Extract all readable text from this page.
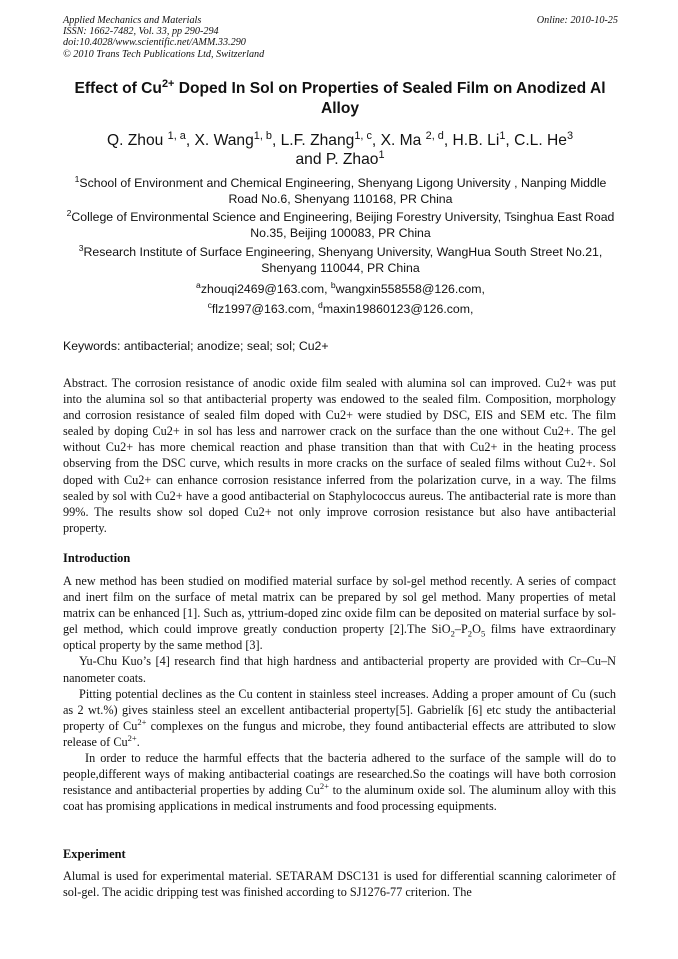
Applied Mechanics and Materials
ISSN: 1662-7482, Vol. 33, pp 290-294
doi:10.4028/www.scientific.net/AMM.33.290
© 2010 Trans Tech Publications Ltd, Switzerland
Online: 2010-10-25
Effect of $Cu^{2+}$ Doped In Sol on Properties of Sealed Film on Anodized Al Alloy
Q. Zhou $^{1, a}$, X. Wang$^{1, b}$, L.F. Zhang$^{1, c}$, X. Ma $^{2, d}$, H.B. Li$^1$, C.L. He$^3$
and P. Zhao$^1$
$^1$School of Environment and Chemical Engineering, Shenyang Ligong University , Nanping Middle Road No.6, Shenyang 110168, PR China
$^2$College of Environmental Science and Engineering, Beijing Forestry University, Tsinghua East Road No.35, Beijing 100083, PR China
$^3$Research Institute of Surface Engineering, Shenyang University, WangHua South Street No.21, Shenyang 110044, PR China
$^a$zhouqi2469@163.com, $^b$wangxin558558@126.com,
$^c$flz1997@163.com, $^d$maxin19860123@126.com,
Keywords: antibacterial; anodize; seal; sol; Cu2+

Abstract. The corrosion resistance of anodic oxide film sealed with alumina sol can improved. Cu2+ was put into the alumina sol so that antibacterial property was endowed to the sealed film. Composition, morphology and corrosion resistance of sealed film doped with Cu2+ were studied by DSC, EIS and SEM etc. The film sealed by doping Cu2+ in sol has less and narrower crack on the surface than the one without Cu2+. The gel without Cu2+ has more chemical reaction and phase transition than that with Cu2+ in the heating process observing from the DSC curve, which results in more cracks on the surface of sealed films without Cu2+. Sol doped with Cu2+ can enhance corrosion resistance inferred from the polarization curve, in a way. The films sealed by sol with Cu2+ have a good antibacterial on Staphylococcus aureus. The antibacterial rate is more than 99%. The results show sol doped Cu2+ not only improve corrosion resistance but also have antibacterial property.

Introduction

A new method has been studied on modified material surface by sol-gel method recently. A series of compact and inert film on the surface of metal matrix can be prepared by sol gel method. Many properties of metal matrix can be enhanced [1]. Such as, yttrium-doped zinc oxide film can be deposited on material surface by sol-gel method, which could improve greatly conduction property [2].The $SiO_2-P_2O_5$ films have extraordinary optical property by the same method [3].

Yu-Chu Kuo’s [4] research find that high hardness and antibacterial property are provided with Cr–Cu–N nanometer coats.

Pitting potential declines as the Cu content in stainless steel increases. Adding a proper amount of Cu (such as 2 wt.%) gives stainless steel an excellent antibacterial property[5]. Gabrielík [6] etc study the antibacterial property of $Cu^{2+}$ complexes on the fungus and microbe, they found antibacterial effects are attributed to slow release of $Cu^{2+}$.

In order to reduce the harmful effects that the bacteria adhered to the surface of the sample will do to people,different ways of making antibacterial coatings are researched.So the coatings will have both corrosion resistance and antibacterial properties by adding $Cu^{2+}$ to the aluminum oxide sol. The aluminum alloy with this coat has promising applications in medical instruments and food processing equipments.

Experiment

Alumal is used for experimental material. SETARAM DSC131 is used for differential scanning calorimeter of sol-gel. The acidic dripping test was finished according to SJ1276-77 criterion. The
